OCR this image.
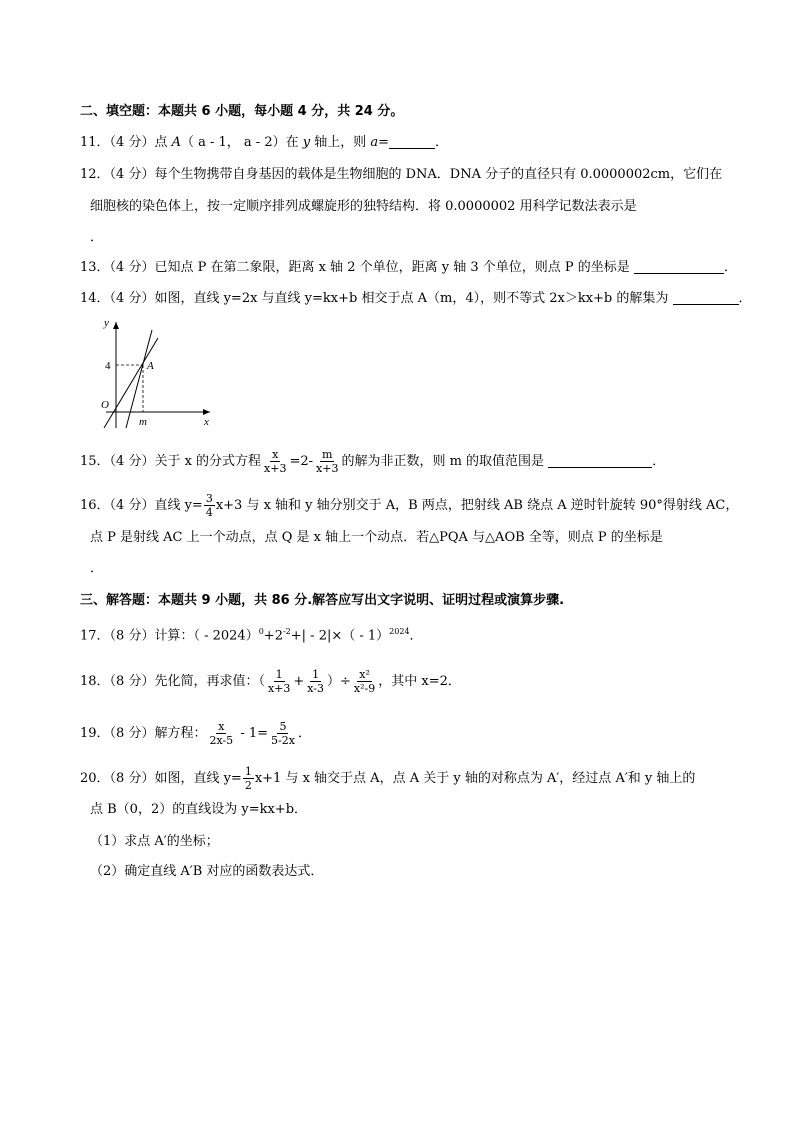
二、填空题：本题共 6 小题，每小题 4 分，共 24 分。
11．（4 分）点 A（ a - 1， a - 2）在 y 轴上，则 a=	．
12．（4 分）每个生物携带自身基因的载体是生物细胞的 DNA．DNA 分子的直径只有 0.0000002cm，它们在
细胞核的染色体上，按一定顺序排列成螺旋形的独特结构．将 0.0000002 用科学记数法表示是
．
13．（4 分）已知点 P 在第二象限，距离 x 轴 2 个单位，距离 y 轴 3 个单位，则点 P 的坐标是	．
14．（4 分）如图，直线 y=2x 与直线 y=kx+b 相交于点 A（m，4），则不等式 2x＞kx+b 的解集为	．
y
x
O
A
4
m
15．（4 分）关于 x 的分式方程 $\frac{x}{x+3} =2- \frac{m}{x+3}$ 的解为非正数，则 m 的取值范围是	．
16．（4 分）直线 $y= \frac{3}{4} x+3$ 与 x 轴和 y 轴分别交于 A，B 两点，把射线 AB 绕点 A 逆时针旋转 90°得射线 AC，
点 P 是射线 AC 上一个动点，点 Q 是 x 轴上一个动点．若△PQA 与△AOB 全等，则点 P 的坐标是
．
三、解答题：本题共 9 小题，共 86 分.解答应写出文字说明、证明过程或演算步骤.
17．（8 分）计算：（ - $2024)^0+2^{-2}+| - 2|\times( - 1)^{2024}$．
18．（8 分）先化简，再求值：（ $\frac{1}{x+3} + \frac{1}{x-3}$ ）÷ $\frac{\text{x²}}{\text{x²-9}}$ ，其中 x=2．
19．（8 分）解方程： $\frac{x}{2x-5} - 1= \frac{5}{5-2x}$ ．
20．（8 分）如图，直线 $y= \frac{1}{2} x+1$ 与 x 轴交于点 A，点 A 关于 y 轴的对称点为 A′，经过点 A′和 y 轴上的
点 B（0，2）的直线设为 y=kx+b．
（1）求点 A′的坐标；
（2）确定直线 A′B 对应的函数表达式．
